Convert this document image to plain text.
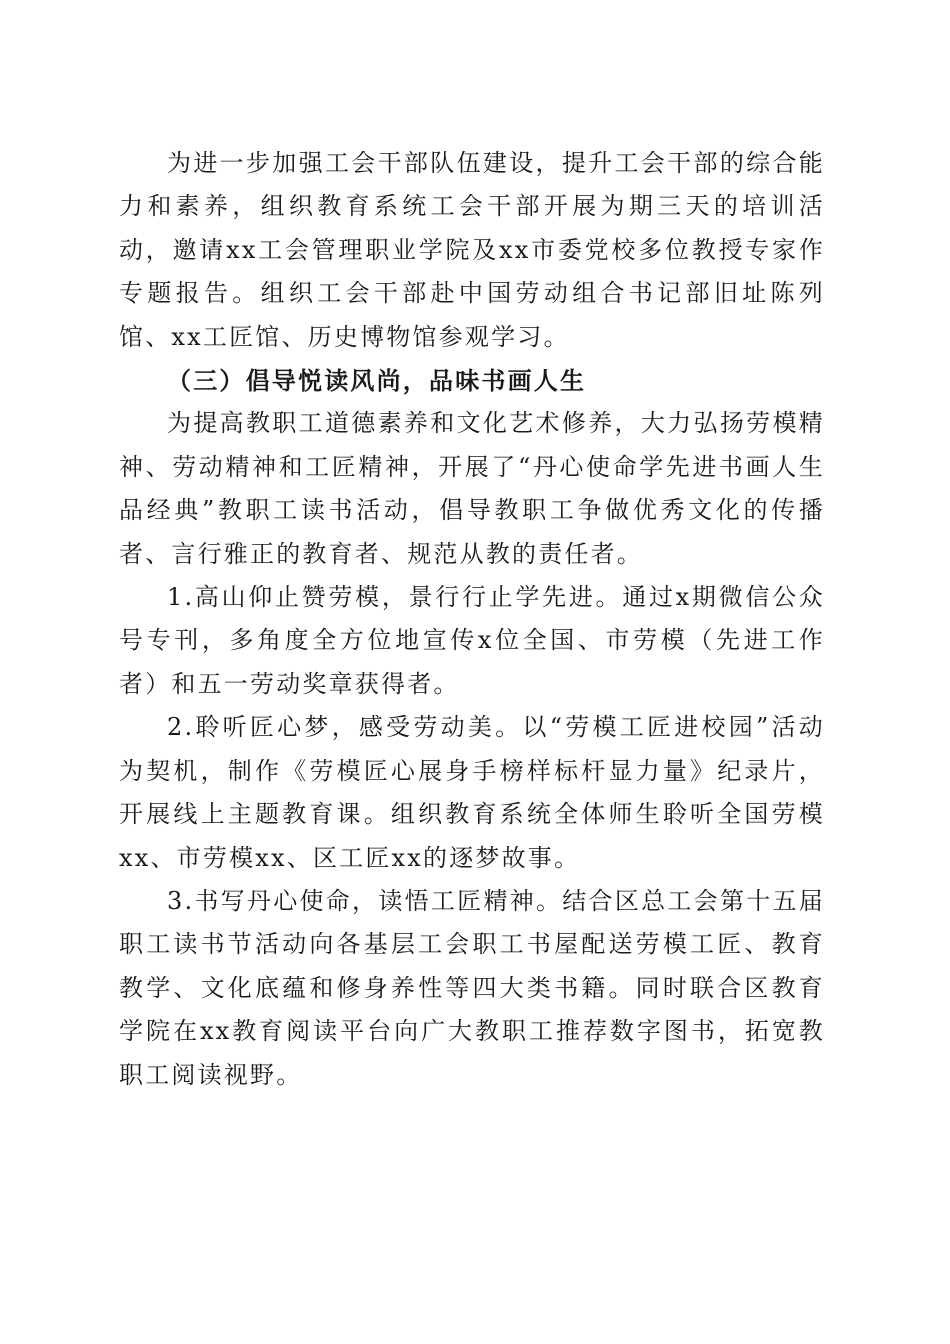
为进一步加强工会干部队伍建设，提升工会干部的综合能力和素养，组织教育系统工会干部开展为期三天的培训活动，邀请xx工会管理职业学院及xx市委党校多位教授专家作专题报告。组织工会干部赴中国劳动组合书记部旧址陈列馆、xx工匠馆、历史博物馆参观学习。

（三）倡导悦读风尚，品味书画人生

为提高教职工道德素养和文化艺术修养，大力弘扬劳模精神、劳动精神和工匠精神，开展了“丹心使命学先进书画人生品经典”教职工读书活动，倡导教职工争做优秀文化的传播者、言行雅正的教育者、规范从教的责任者。

1.高山仰止赞劳模，景行行止学先进。通过x期微信公众号专刊，多角度全方位地宣传x位全国、市劳模（先进工作者）和五一劳动奖章获得者。

2.聆听匠心梦，感受劳动美。以“劳模工匠进校园”活动为契机，制作《劳模匠心展身手榜样标杆显力量》纪录片，开展线上主题教育课。组织教育系统全体师生聆听全国劳模xx、市劳模xx、区工匠xx的逐梦故事。

3.书写丹心使命，读悟工匠精神。结合区总工会第十五届职工读书节活动向各基层工会职工书屋配送劳模工匠、教育教学、文化底蕴和修身养性等四大类书籍。同时联合区教育学院在xx教育阅读平台向广大教职工推荐数字图书，拓宽教职工阅读视野。
